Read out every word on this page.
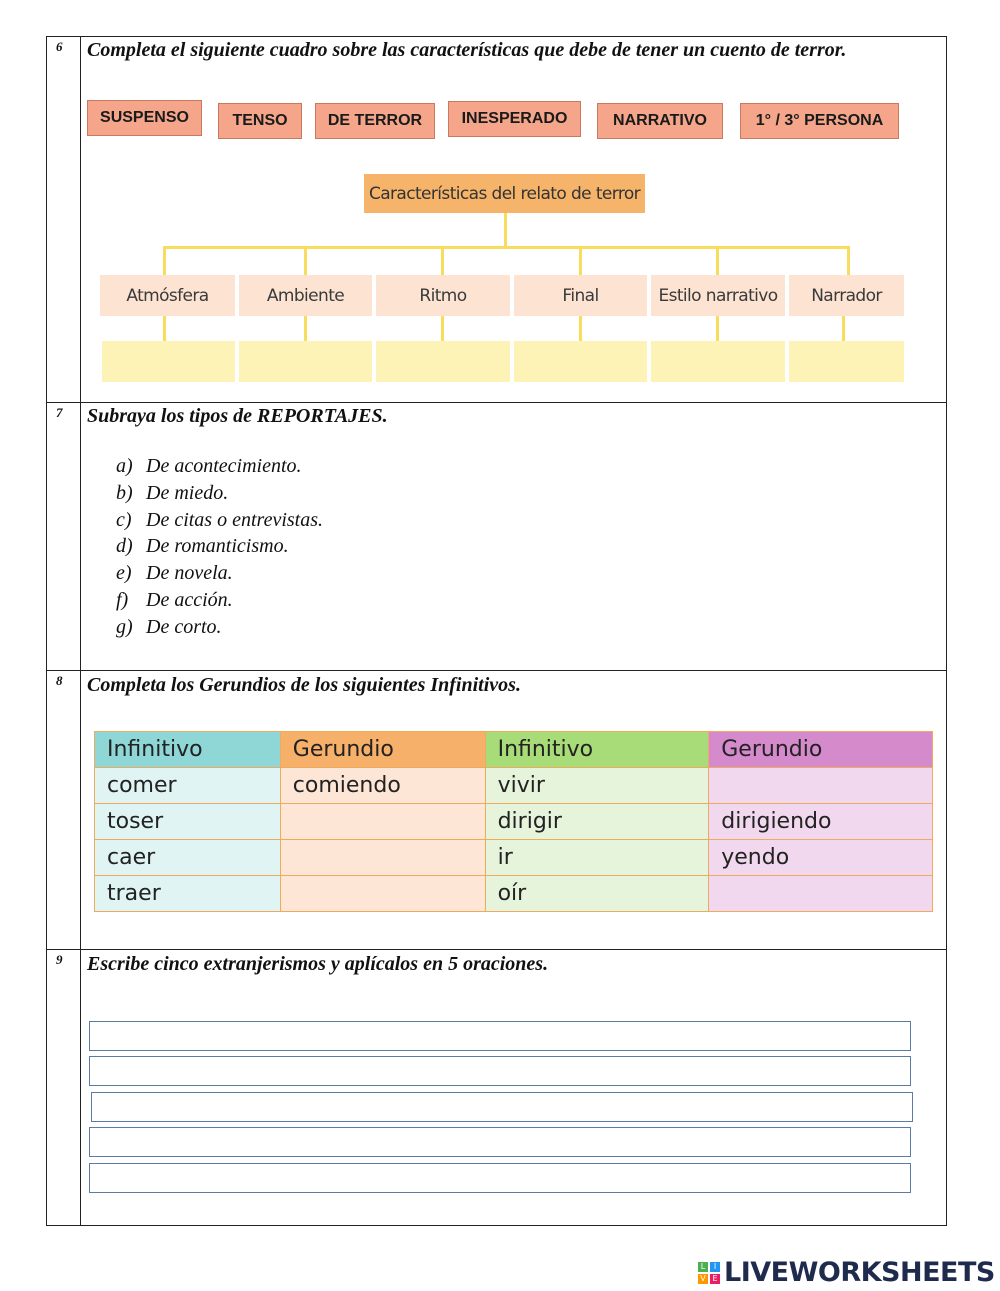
6 Completa el siguiente cuadro sobre las características que debe de tener un cuento de terror.
SUSPENSO	TENSO	DE TERROR	INESPERADO	NARRATIVO	1° / 3° PERSONA
Características del relato de terror
Atmósfera	Ambiente	Ritmo	Final	Estilo narrativo	Narrador
7 Subraya los tipos de REPORTAJES.
a) De acontecimiento.
b) De miedo.
c) De citas o entrevistas.
d) De romanticismo.
e) De novela.
f) De acción.
g) De corto.
8 Completa los Gerundios de los siguientes Infinitivos.
Infinitivo	Gerundio	Infinitivo	Gerundio
comer	comiendo	vivir	
toser		dirigir	dirigiendo
caer		ir	yendo
traer		oír	
9 Escribe cinco extranjerismos y aplícalos en 5 oraciones.
L	I
V E LIVEWORKSHEETS
